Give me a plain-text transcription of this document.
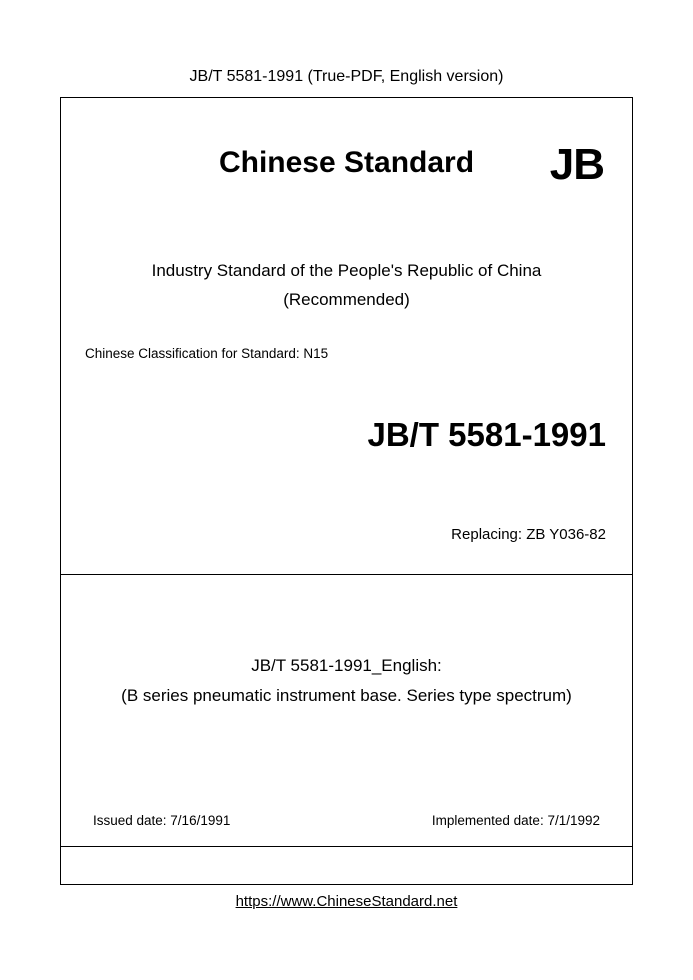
JB/T 5581-1991 (True-PDF, English version)
Chinese Standard	JB
Industry Standard of the People's Republic of China
(Recommended)
Chinese Classification for Standard: N15
JB/T 5581-1991
Replacing: ZB Y036-82
JB/T 5581-1991_English:
(B series pneumatic instrument base. Series type spectrum)
Issued date: 7/16/1991	Implemented date: 7/1/1992
https://www.ChineseStandard.net
